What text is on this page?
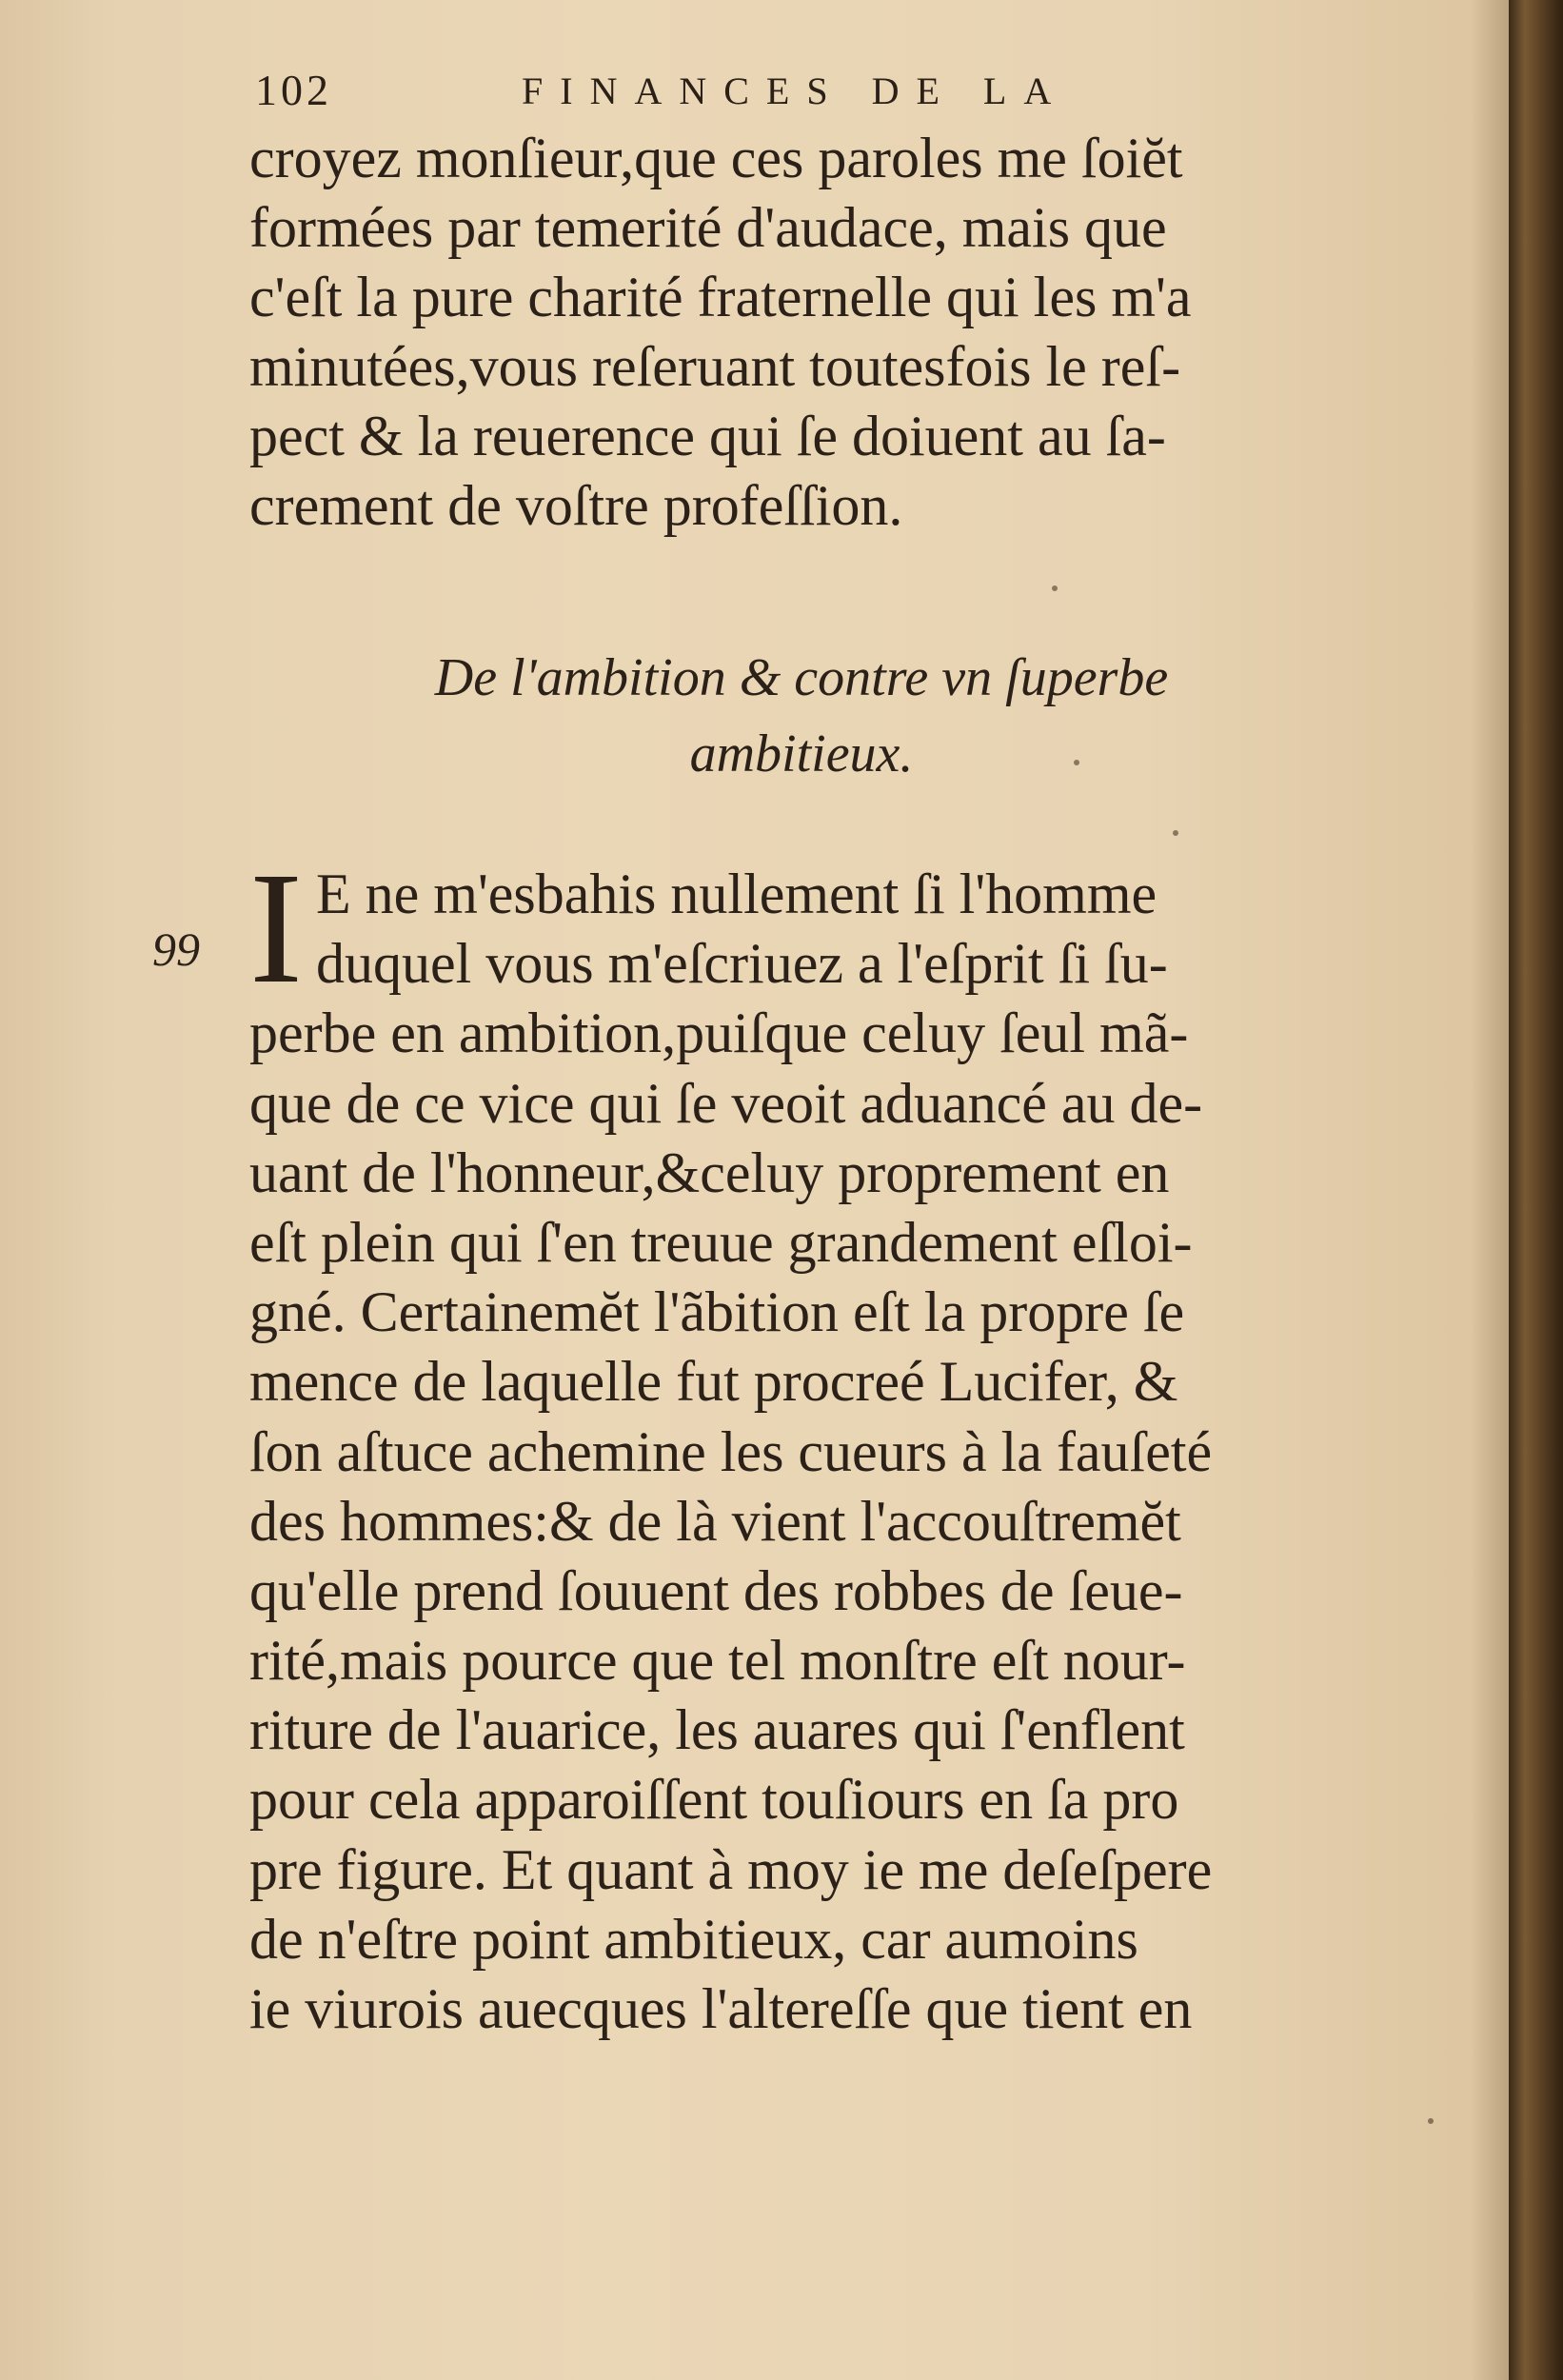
102	FINANCES DE LA
croyez monſieur,que ces paroles me ſoiĕt
formées par temerité d'audace, mais que
c'eſt la pure charité fraternelle qui les m'a
minutées,vous reſeruant toutesfois le reſ-
pect & la reuerence qui ſe doiuent au ſa-
crement de voſtre profeſſion.
De l'ambition & contre vn ſuperbe
ambitieux.
99 I E ne m'esbahis nullement ſi l'homme
duquel vous m'eſcriuez a l'eſprit ſi ſu-
perbe en ambition,puiſque celuy ſeul mã-
que de ce vice qui ſe veoit aduancé au de-
uant de l'honneur,&celuy proprement en
eſt plein qui ſ'en treuue grandement eſloi-
gné. Certainemĕt l'ãbition eſt la propre ſe
mence de laquelle fut procreé Lucifer, &
ſon aſtuce achemine les cueurs à la fauſeté
des hommes:& de là vient l'accouſtremĕt
qu'elle prend ſouuent des robbes de ſeue-
rité,mais pource que tel monſtre eſt nour-
riture de l'auarice, les auares qui ſ'enflent
pour cela apparoiſſent touſiours en ſa pro
pre figure. Et quant à moy ie me deſeſpere
de n'eſtre point ambitieux, car aumoins
ie viurois auecques l'altereſſe que tient en
